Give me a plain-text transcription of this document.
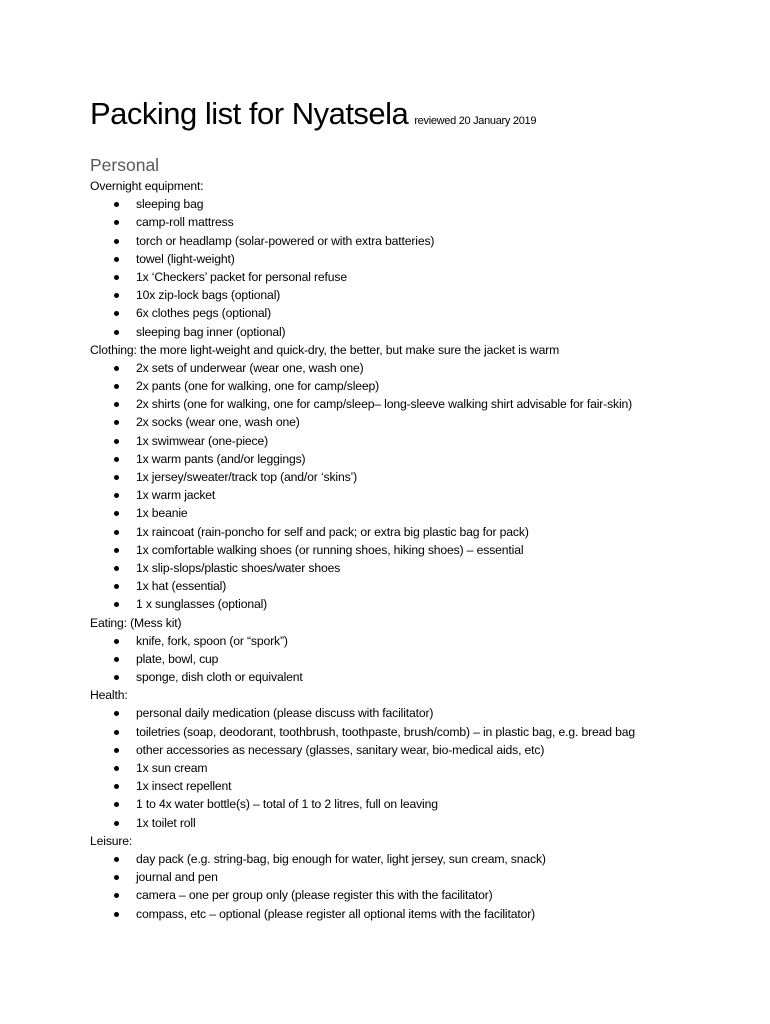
Packing list for Nyatsela reviewed 20 January 2019
Personal
Overnight equipment:
sleeping bag
camp-roll mattress
torch or headlamp (solar-powered or with extra batteries)
towel (light-weight)
1x ‘Checkers’ packet for personal refuse
10x zip-lock bags (optional)
6x clothes pegs (optional)
sleeping bag inner (optional)
Clothing: the more light-weight and quick-dry, the better, but make sure the jacket is warm
2x sets of underwear (wear one, wash one)
2x pants (one for walking, one for camp/sleep)
2x shirts (one for walking, one for camp/sleep– long-sleeve walking shirt advisable for fair-skin)
2x socks (wear one, wash one)
1x swimwear (one-piece)
1x warm pants (and/or leggings)
1x jersey/sweater/track top (and/or ‘skins’)
1x warm jacket
1x beanie
1x raincoat (rain-poncho for self and pack; or extra big plastic bag for pack)
1x comfortable walking shoes (or running shoes, hiking shoes) – essential
1x slip-slops/plastic shoes/water shoes
1x hat (essential)
1 x sunglasses (optional)
Eating: (Mess kit)
knife, fork, spoon (or “spork”)
plate, bowl, cup
sponge, dish cloth or equivalent
Health:
personal daily medication (please discuss with facilitator)
toiletries (soap, deodorant, toothbrush, toothpaste, brush/comb) – in plastic bag, e.g. bread bag
other accessories as necessary (glasses, sanitary wear, bio-medical aids, etc)
1x sun cream
1x insect repellent
1 to 4x water bottle(s) – total of 1 to 2 litres, full on leaving
1x toilet roll
Leisure:
day pack (e.g. string-bag, big enough for water, light jersey, sun cream, snack)
journal and pen
camera – one per group only (please register this with the facilitator)
compass, etc – optional (please register all optional items with the facilitator)
